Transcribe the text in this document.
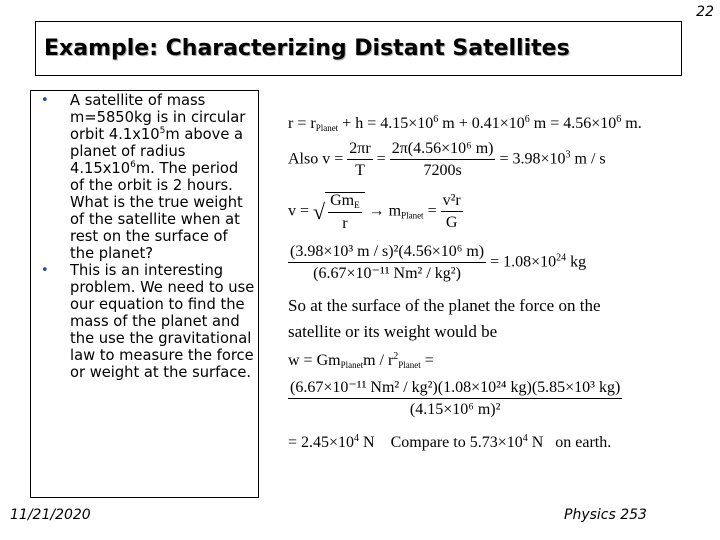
22
Example: Characterizing Distant Satellites
• A satellite of mass m=5850kg is in circular orbit $4.1x10^5m$ above a planet of radius $4.15x10^6m$. The period of the orbit is 2 hours. What is the true weight of the satellite when at rest on the surface of the planet?
• This is an interesting problem. We need to use our equation to find the mass of the planet and the use the gravitational law to measure the force or weight at the surface.
$r = r_{Planet} + h = 4.15\times 10^6$ $m + 0.41\times 10^6$ $m = 4.56\times 10^6$ m.
Also $v = \frac{2\pi r}{T} = \frac{\text{2π(4.56×10⁶ m)}}{7200s} = 3.98\times 10^3$ m / s
v = √ $\frac{Gm_E}{r} \to m_{Planet} = \frac{\text{v²r}}{G}$
$\frac{\text{(3.98×10³ m / s)²(4.56×10⁶ m)}}{\text{(6.67×10⁻¹¹ Nm² / kg²)}} = 1.08\times 10^{24}$ kg
So at the surface of the planet the force on the
satellite or its weight would be
$w = Gm_{Planet}m / r^2_{Planet}$ =
$\frac{\text{(6.67×10⁻¹¹ Nm² / kg²)(1.08×10²⁴ kg)(5.85×10³ kg)}}{\text{(4.15×10⁶ m)²}}$
= $2.45\times 10^4$ N    Compare to $5.73\times 10^4$ N   on earth.
11/21/2020	Physics 253
